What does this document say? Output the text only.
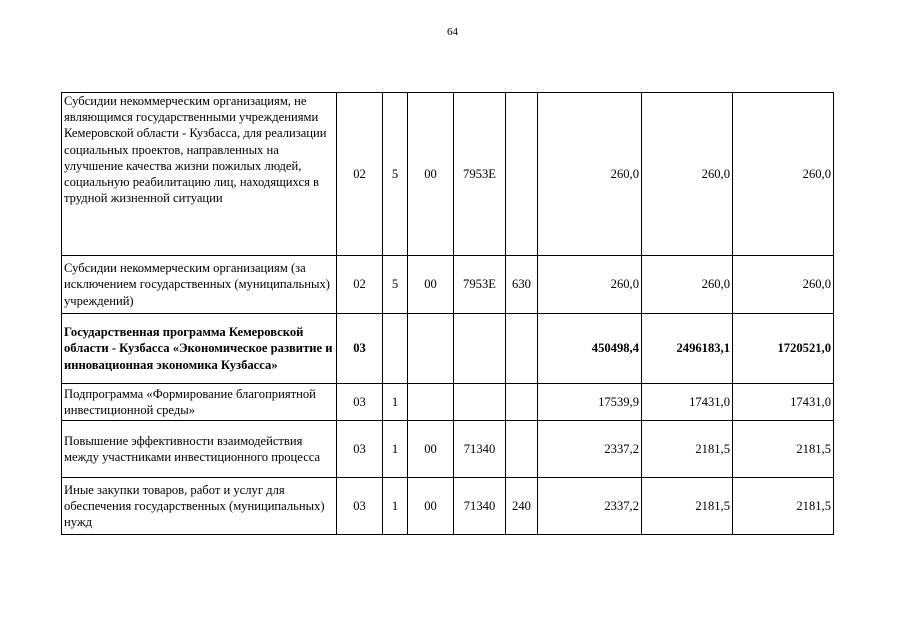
64
Субсидии некоммерческим организациям, не являющимся государственными учреждениями Кемеровской области - Кузбасса, для реализации социальных проектов, направленных на улучшение качества жизни пожилых людей, социальную реабилитацию лиц, находящихся в трудной жизненной ситуации	02	5	00	7953E		260,0	260,0	260,0
Субсидии некоммерческим организациям (за исключением государственных (муниципальных) учреждений)	02	5	00	7953E	630	260,0	260,0	260,0
Государственная программа Кемеровской области - Кузбасса «Экономическое развитие и инновационная экономика Кузбасса»	03					450498,4	2496183,1	1720521,0
Подпрограмма «Формирование благоприятной инвестиционной среды»	03	1				17539,9	17431,0	17431,0
Повышение эффективности взаимодействия между участниками инвестиционного процесса	03	1	00	71340		2337,2	2181,5	2181,5
Иные закупки товаров, работ и услуг для обеспечения государственных (муниципальных) нужд	03	1	00	71340	240	2337,2	2181,5	2181,5
